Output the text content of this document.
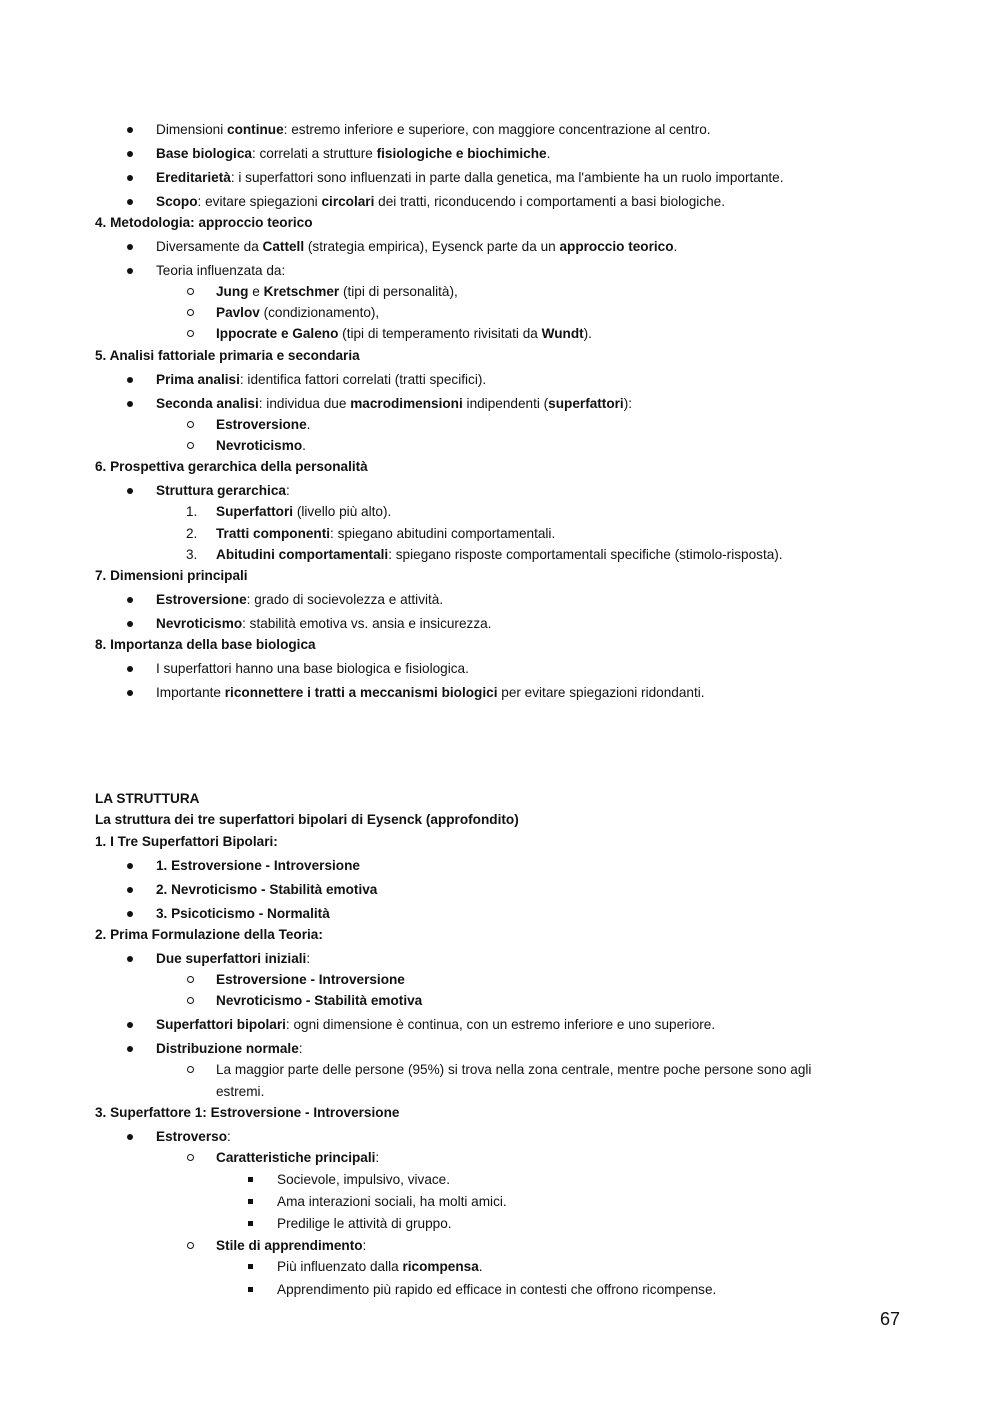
Dimensioni continue: estremo inferiore e superiore, con maggiore concentrazione al centro.
Base biologica: correlati a strutture fisiologiche e biochimiche.
Ereditarietà: i superfattori sono influenzati in parte dalla genetica, ma l'ambiente ha un ruolo importante.
Scopo: evitare spiegazioni circolari dei tratti, riconducendo i comportamenti a basi biologiche.
4. Metodologia: approccio teorico
Diversamente da Cattell (strategia empirica), Eysenck parte da un approccio teorico.
Teoria influenzata da:
Jung e Kretschmer (tipi di personalità),
Pavlov (condizionamento),
Ippocrate e Galeno (tipi di temperamento rivisitati da Wundt).
5. Analisi fattoriale primaria e secondaria
Prima analisi: identifica fattori correlati (tratti specifici).
Seconda analisi: individua due macrodimensioni indipendenti (superfattori):
Estroversione.
Nevroticismo.
6. Prospettiva gerarchica della personalità
Struttura gerarchica:
1.	Superfattori (livello più alto).
2.	Tratti componenti: spiegano abitudini comportamentali.
3.	Abitudini comportamentali: spiegano risposte comportamentali specifiche (stimolo-risposta).
7. Dimensioni principali
Estroversione: grado di socievolezza e attività.
Nevroticismo: stabilità emotiva vs. ansia e insicurezza.
8. Importanza della base biologica
I superfattori hanno una base biologica e fisiologica.
Importante riconnettere i tratti a meccanismi biologici per evitare spiegazioni ridondanti.
LA STRUTTURA
La struttura dei tre superfattori bipolari di Eysenck (approfondito)
1. I Tre Superfattori Bipolari:
1. Estroversione - Introversione
2. Nevroticismo - Stabilità emotiva
3. Psicoticismo - Normalità
2. Prima Formulazione della Teoria:
Due superfattori iniziali:
Estroversione - Introversione
Nevroticismo - Stabilità emotiva
Superfattori bipolari: ogni dimensione è continua, con un estremo inferiore e uno superiore.
Distribuzione normale:
La maggior parte delle persone (95%) si trova nella zona centrale, mentre poche persone sono agli
estremi.
3. Superfattore 1: Estroversione - Introversione
Estroverso:
Caratteristiche principali:
Socievole, impulsivo, vivace.
Ama interazioni sociali, ha molti amici.
Predilige le attività di gruppo.
Stile di apprendimento:
Più influenzato dalla ricompensa.
Apprendimento più rapido ed efficace in contesti che offrono ricompense.
67
